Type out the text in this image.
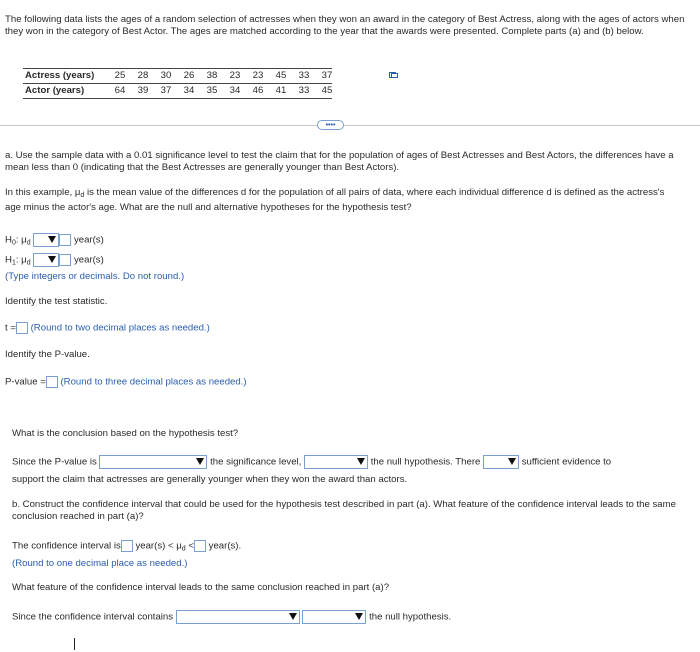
The following data lists the ages of a random selection of actresses when they won an award in the category of Best Actress, along with the ages of actors when they won in the category of Best Actor. The ages are matched according to the year that the awards were presented. Complete parts (a) and (b) below.
Actress (years)	25	28	30	26	38	23	23	45	33	37
Actor (years)	64	39	37	34	35	34	46	41	33	45
••••
a. Use the sample data with a 0.01 significance level to test the claim that for the population of ages of Best Actresses and Best Actors, the differences have a mean less than 0 (indicating that the Best Actresses are generally younger than Best Actors).
In this example, $\mu_d$ is the mean value of the differences d for the population of all pairs of data, where each individual difference d is defined as the actress's age minus the actor's age. What are the null and alternative hypotheses for the hypothesis test?
$H_0$: $\mu_d$	year(s)
$H_1$: $\mu_d$	year(s)
(Type integers or decimals. Do not round.)
Identify the test statistic.
t = (Round to two decimal places as needed.)
Identify the P-value.
P-value = (Round to three decimal places as needed.)
What is the conclusion based on the hypothesis test?
Since the P-value is	the significance level,	the null hypothesis. There	sufficient evidence to
support the claim that actresses are generally younger when they won the award than actors.
b. Construct the confidence interval that could be used for the hypothesis test described in part (a). What feature of the confidence interval leads to the same conclusion reached in part (a)?
The confidence interval is year(s) < $\mu_d$ < year(s).
(Round to one decimal place as needed.)
What feature of the confidence interval leads to the same conclusion reached in part (a)?
Since the confidence interval contains
	the null hypothesis.
